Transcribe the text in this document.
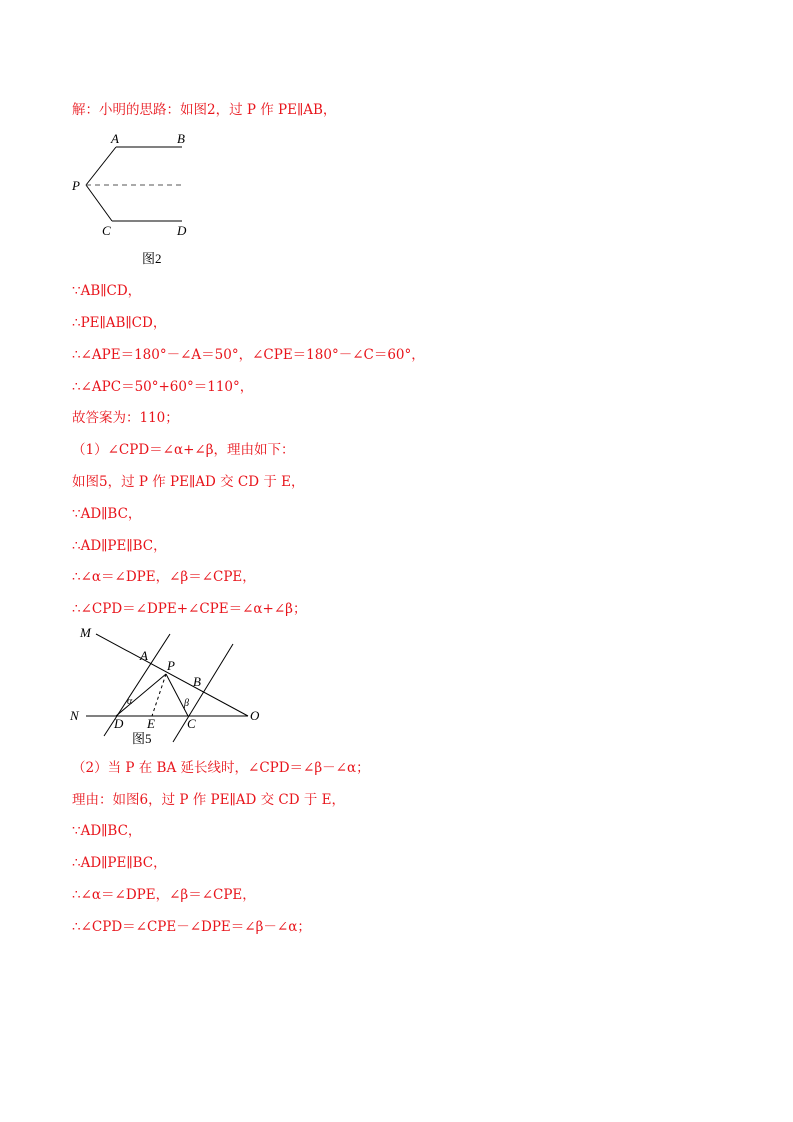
解：小明的思路：如图2，过 P 作 PE∥AB，
A	B
P
C	D
图2
∵AB∥CD，
∴PE∥AB∥CD，
∴∠APE＝180°－∠A＝50°，∠CPE＝180°－∠C＝60°，
∴∠APC＝50°+60°＝110°，
故答案为：110；
（1）∠CPD＝∠α+∠β，理由如下：
如图5，过 P 作 PE∥AD 交 CD 于 E，
∵AD∥BC，
∴AD∥PE∥BC，
∴∠α＝∠DPE，∠β＝∠CPE，
∴∠CPD＝∠DPE+∠CPE＝∠α+∠β；
M
A
P
B
N
D E C
O
α	β
图5
（2）当 P 在 BA 延长线时，∠CPD＝∠β－∠α；
理由：如图6，过 P 作 PE∥AD 交 CD 于 E，
∵AD∥BC，
∴AD∥PE∥BC，
∴∠α＝∠DPE，∠β＝∠CPE，
∴∠CPD＝∠CPE－∠DPE＝∠β－∠α；
